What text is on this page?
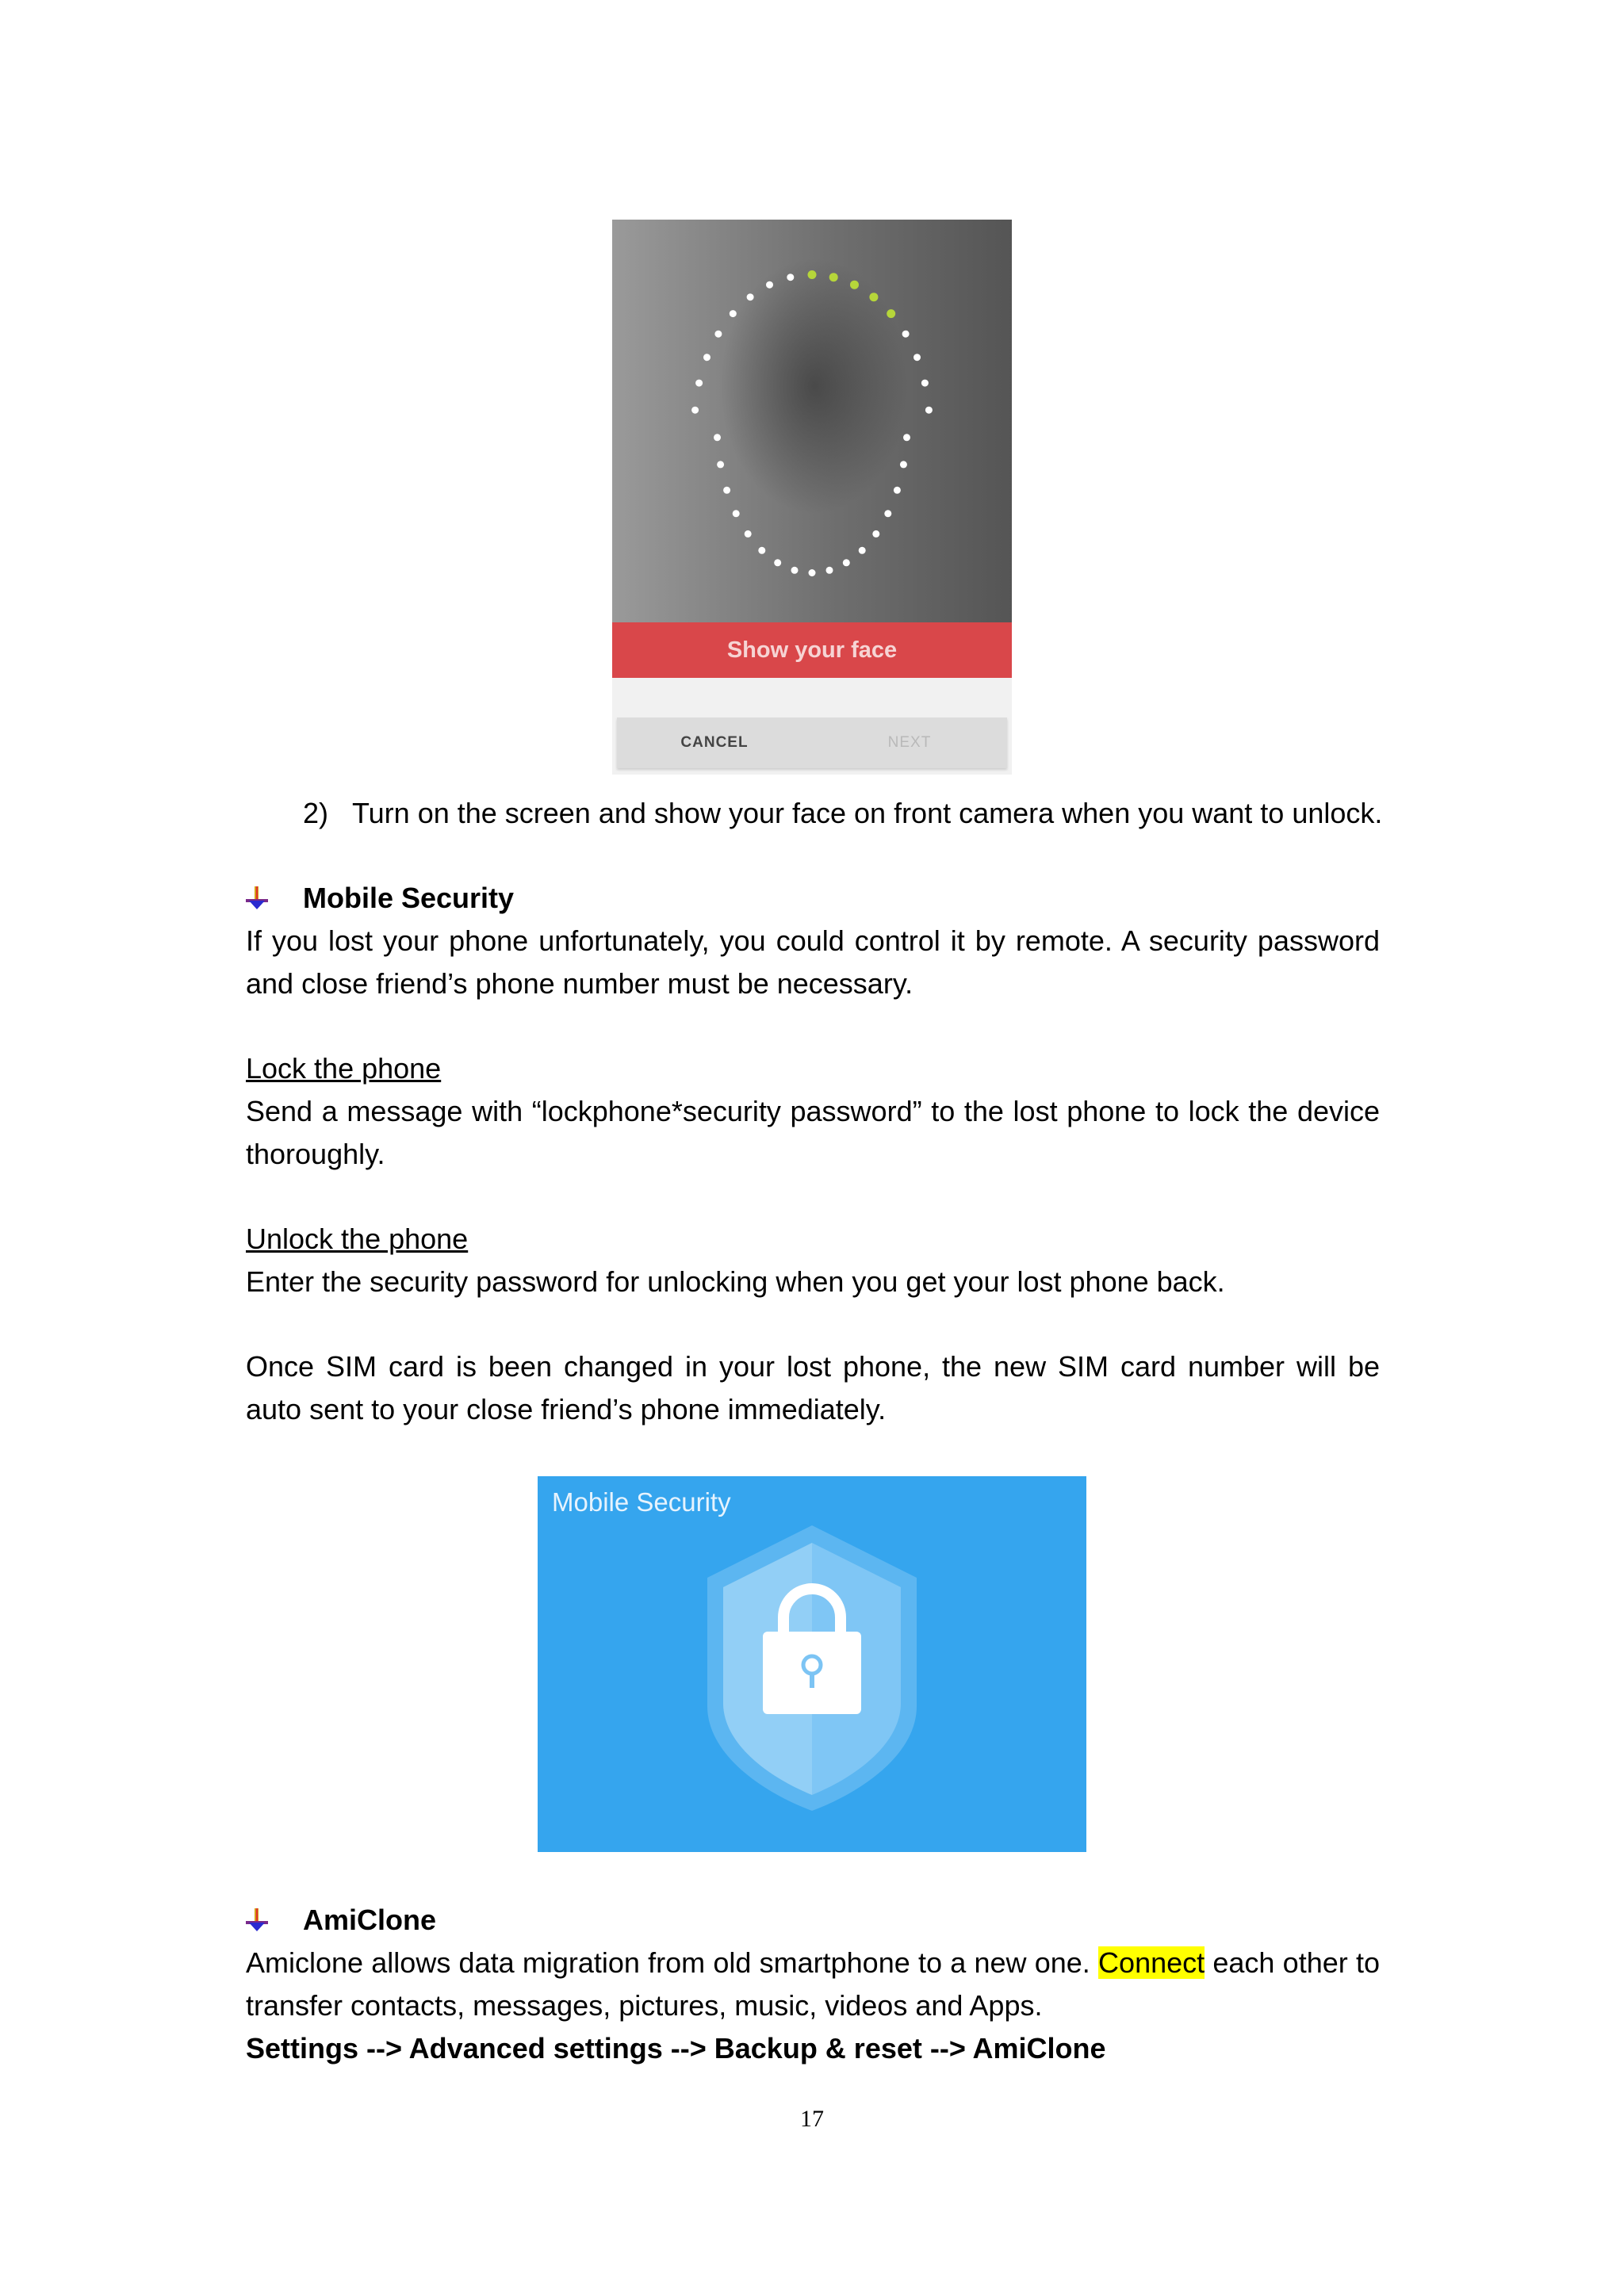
Show your face
CANCEL	NEXT
2) Turn on the screen and show your face on front camera when you want to unlock.
Mobile Security
If you lost your phone unfortunately, you could control it by remote. A security password and close friend’s phone number must be necessary.
Lock the phone
Send a message with “lockphone*security password” to the lost phone to lock the device thoroughly.
Unlock the phone
Enter the security password for unlocking when you get your lost phone back.
Once SIM card is been changed in your lost phone, the new SIM card number will be auto sent to your close friend’s phone immediately.
Mobile Security
AmiClone
Amiclone allows data migration from old smartphone to a new one. Connect each other to transfer contacts, messages, pictures, music, videos and Apps.
Settings --> Advanced settings --> Backup & reset --> AmiClone
17
